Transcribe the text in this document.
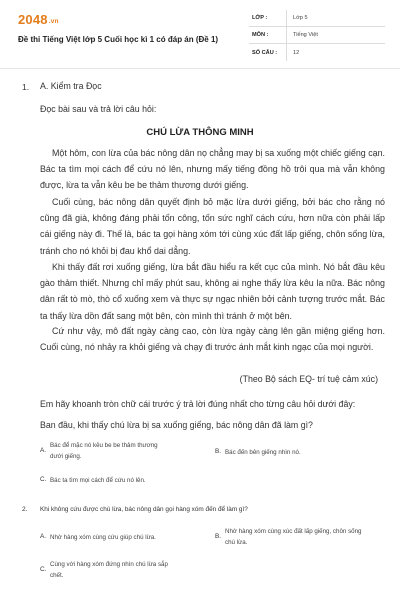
2048.vn
Đề thi Tiếng Việt lớp 5 Cuối học kì 1 có đáp án (Đề 1)
LỚP :	Lớp 5
MÔN :	Tiếng Việt
SỐ CÂU :	12
1. A. Kiểm tra Đọc
Đọc bài sau và trả lời câu hỏi:
CHÚ LỪA THÔNG MINH
Một hôm, con lừa của bác nông dân nọ chẳng may bị sa xuống một chiếc giếng cạn. Bác ta tìm mọi cách để cứu nó lên, nhưng mấy tiếng đồng hồ trôi qua mà vẫn không được, lừa ta vẫn kêu be be thảm thương dưới giếng.
Cuối cùng, bác nông dân quyết định bỏ mặc lừa dưới giếng, bởi bác cho rằng nó cũng đã già, không đáng phải tốn công, tốn sức nghĩ cách cứu, hơn nữa còn phải lấp cái giếng này đi. Thế là, bác ta gọi hàng xóm tới cùng xúc đất lấp giếng, chôn sống lừa, tránh cho nó khỏi bị đau khổ dai dẳng.
Khi thấy đất rơi xuống giếng, lừa bắt đầu hiểu ra kết cục của mình. Nó bắt đầu kêu gào thảm thiết. Nhưng chỉ mấy phút sau, không ai nghe thấy lừa kêu la nữa. Bác nông dân rất tò mò, thò cổ xuống xem và thực sự ngạc nhiên bởi cảnh tượng trước mắt. Bác ta thấy lừa dồn đất sang một bên, còn mình thì tránh ở một bên.
Cứ như vậy, mô đất ngày càng cao, còn lừa ngày càng lên gần miệng giếng hơn. Cuối cùng, nó nhảy ra khỏi giếng và chạy đi trước ánh mắt kinh ngạc của mọi người.
(Theo Bộ sách EQ- trí tuệ cảm xúc)
Em hãy khoanh tròn chữ cái trước ý trả lời đúng nhất cho từng câu hỏi dưới đây:
Ban đầu, khi thấy chú lừa bị sa xuống giếng, bác nông dân đã làm gì?
A.
Bác để mặc nó kêu be be thảm thương dưới giếng.
B. Bác đến bên giếng nhìn nó.
C. Bác ta tìm mọi cách để cứu nó lên.
2. Khi không cứu được chú lừa, bác nông dân gọi hàng xóm đến để làm gì?
A. Nhờ hàng xóm cùng cứu giúp chú lừa.	B.
Nhờ hàng xóm cùng xúc đất lấp giếng, chôn sống chú lừa.
C.
Cùng với hàng xóm đứng nhìn chú lừa sắp chết.
